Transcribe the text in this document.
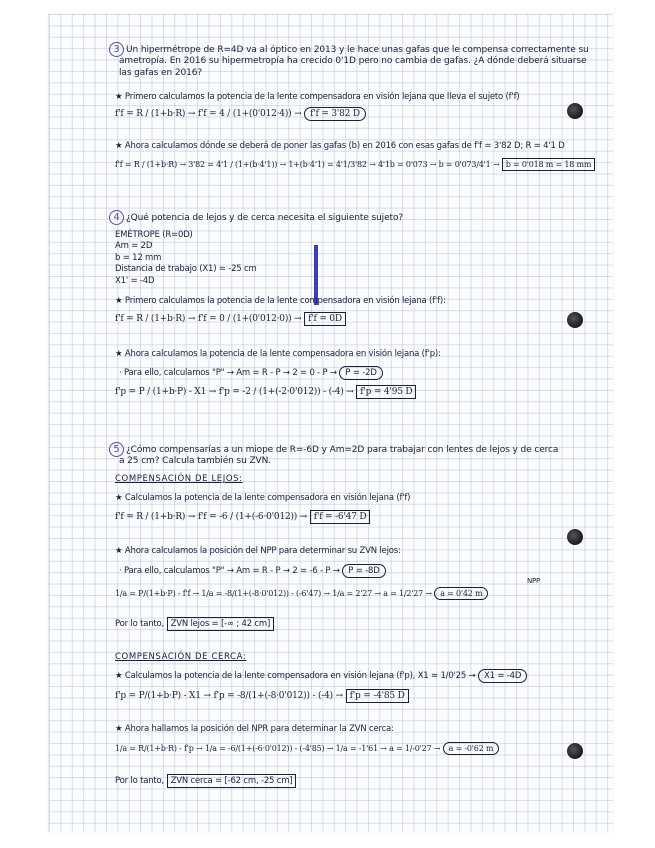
3 Un hipermétrope de R=4D va al óptico en 2013 y le hace unas gafas que le compensa correctamente su
ametropía. En 2016 su hipermetropía ha crecido 0'1D pero no cambia de gafas. ¿A dónde deberá situarse
las gafas en 2016?
★ Primero calculamos la potencia de la lente compensadora en visión lejana que lleva el sujeto (f'f)
f'f = R / (1+b·R) → f'f = 4 / (1+(0'012·4)) → f'f = 3'82 D
★ Ahora calculamos dónde se deberá de poner las gafas (b) en 2016 con esas gafas de f'f = 3'82 D; R = 4'1 D
f'f = R / (1+b·R) → 3'82 = 4'1 / (1+(b·4'1)) → 1+(b·4'1) = 4'1/3'82 → 4'1b = 0'073 → b = 0'073/4'1 → b = 0'018 m = 18 mm
4 ¿Qué potencia de lejos y de cerca necesita el siguiente sujeto?
EMÉTROPE (R=0D)
Am = 2D
b = 12 mm
Distancia de trabajo (X1) = -25 cm
X1' = -4D
★ Primero calculamos la potencia de la lente compensadora en visión lejana (f'f):
f'f = R / (1+b·R) → f'f = 0 / (1+(0'012·0)) → f'f = 0D
★ Ahora calculamos la potencia de la lente compensadora en visión lejana (f'p):
· Para ello, calculamos "P" → Am = R - P → 2 = 0 - P → P = -2D
f'p = P / (1+b·P) - X1 → f'p = -2 / (1+(-2·0'012)) - (-4) → f'p = 4'95 D
5 ¿Cómo compensarías a un miope de R=-6D y Am=2D para trabajar con lentes de lejos y de cerca
a 25 cm? Calcula también su ZVN.
COMPENSACIÓN DE LEJOS:
★ Calculamos la potencia de la lente compensadora en visión lejana (f'f)
f'f = R / (1+b·R) → f'f = -6 / (1+(-6·0'012)) → f'f = -6'47 D
★ Ahora calculamos la posición del NPP para determinar su ZVN lejos:
· Para ello, calculamos "P" → Am = R - P → 2 = -6 - P → P = -8D
NPP
1/a = P/(1+b·P) - f'f → 1/a = -8/(1+(-8·0'012)) - (-6'47) → 1/a = 2'27 → a = 1/2'27 → a = 0'42 m
Por lo tanto, ZVN lejos = [-∞ ; 42 cm]
COMPENSACIÓN DE CERCA:
★ Calculamos la potencia de la lente compensadora en visión lejana (f'p), X1 = 1/0'25 → X1 = -4D
f'p = P/(1+b·P) - X1 → f'p = -8/(1+(-8·0'012)) - (-4) → f'p = -4'85 D
★ Ahora hallamos la posición del NPR para determinar la ZVN cerca:
1/a = R/(1+b·R) - f'p → 1/a = -6/(1+(-6·0'012)) - (-4'85) → 1/a = -1'61 → a = 1/-0'27 → a = -0'62 m
Por lo tanto, ZVN cerca = [-62 cm, -25 cm]
